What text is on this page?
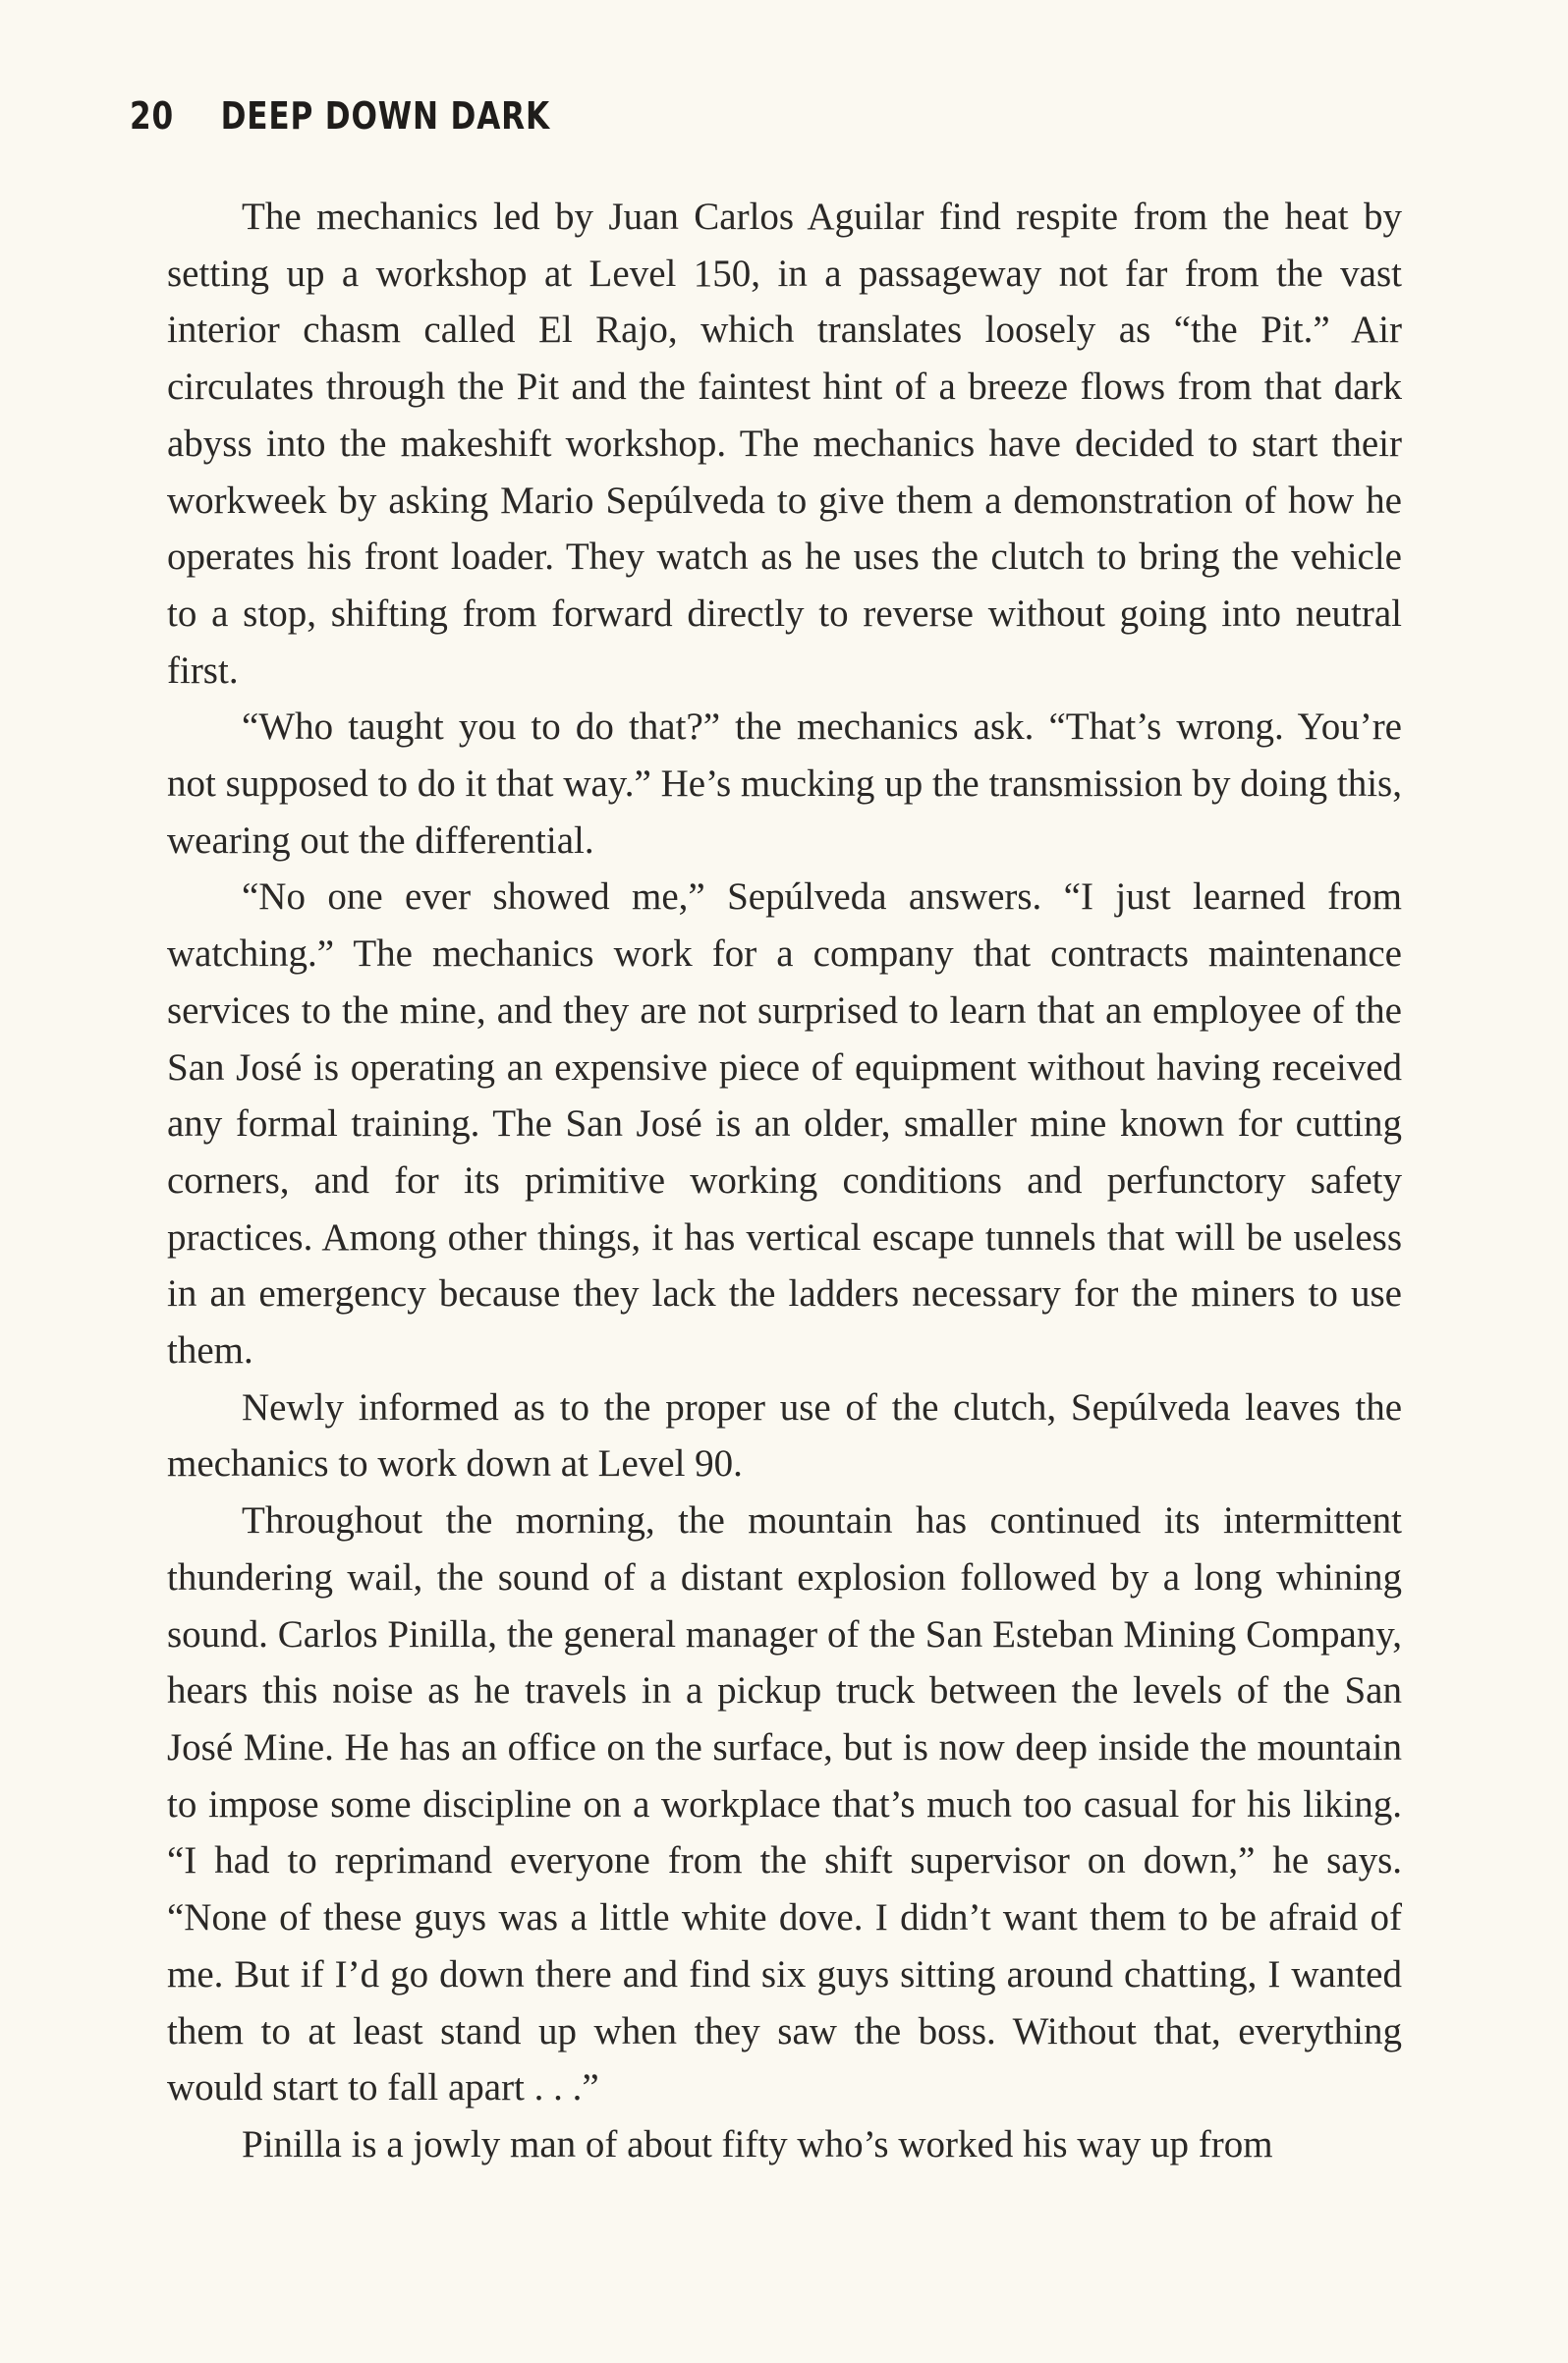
20 DEEP DOWN DARK

The mechanics led by Juan Carlos Aguilar find respite from the heat by setting up a workshop at Level 150, in a passageway not far from the vast interior chasm called El Rajo, which translates loosely as “the Pit.” Air circulates through the Pit and the faintest hint of a breeze flows from that dark abyss into the makeshift workshop. The mechanics have decided to start their workweek by asking Mario Sepúlveda to give them a demonstration of how he operates his front loader. They watch as he uses the clutch to bring the vehicle to a stop, shifting from forward directly to reverse without going into neutral first.

“Who taught you to do that?” the mechanics ask. “That’s wrong. You’re not supposed to do it that way.” He’s mucking up the transmission by doing this, wearing out the differential.

“No one ever showed me,” Sepúlveda answers. “I just learned from watching.” The mechanics work for a company that contracts maintenance services to the mine, and they are not surprised to learn that an employee of the San José is operating an expensive piece of equipment without having received any formal training. The San José is an older, smaller mine known for cutting corners, and for its primitive working conditions and perfunctory safety practices. Among other things, it has vertical escape tunnels that will be useless in an emergency because they lack the ladders necessary for the miners to use them.

Newly informed as to the proper use of the clutch, Sepúlveda leaves the mechanics to work down at Level 90.

Throughout the morning, the mountain has continued its intermittent thundering wail, the sound of a distant explosion followed by a long whining sound. Carlos Pinilla, the general manager of the San Esteban Mining Company, hears this noise as he travels in a pickup truck between the levels of the San José Mine. He has an office on the surface, but is now deep inside the mountain to impose some discipline on a workplace that’s much too casual for his liking. “I had to reprimand everyone from the shift supervisor on down,” he says. “None of these guys was a little white dove. I didn’t want them to be afraid of me. But if I’d go down there and find six guys sitting around chatting, I wanted them to at least stand up when they saw the boss. Without that, everything would start to fall apart . . .”

Pinilla is a jowly man of about fifty who’s worked his way up from
